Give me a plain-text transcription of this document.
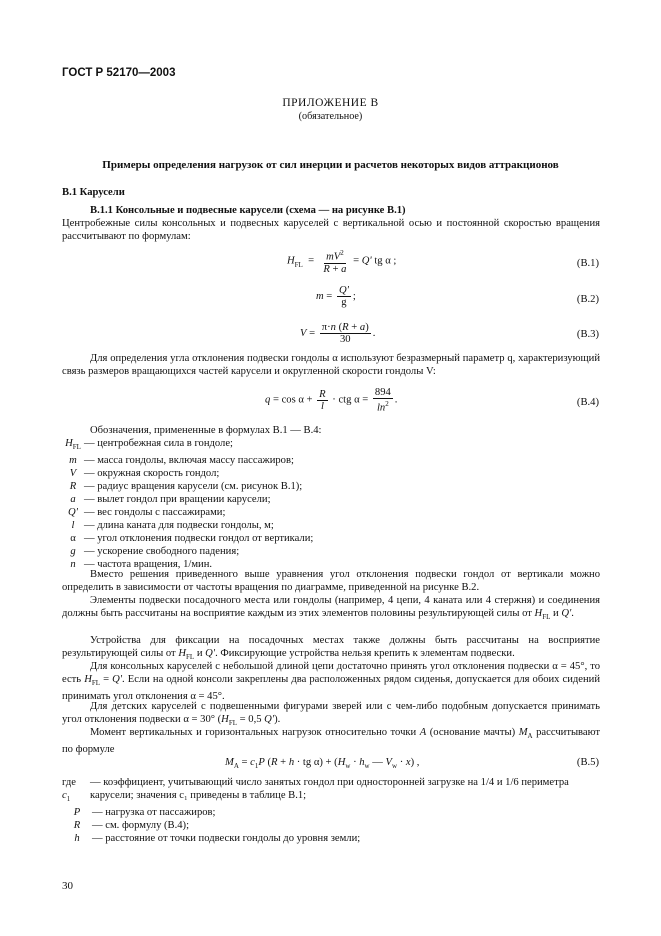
ГОСТ Р 52170—2003
ПРИЛОЖЕНИЕ В
(обязательное)
Примеры определения нагрузок от сил инерции и расчетов некоторых видов аттракционов
В.1 Карусели
В.1.1 Консольные и подвесные карусели (схема — на рисунке В.1)
Центробежные силы консольных и подвесных каруселей с вертикальной осью и постоянной скоростью вращения рассчитывают по формулам:
$H_{FL} = \frac{mV^2}{R + a} = Q'$ tg α ;	(В.1)
$m = \frac{Q'}{g}$ ;	(В.2)
$V = \frac{\pi\cdot n (R + a)}{30}$ .	(В.3)
Для определения угла отклонения подвески гондолы α используют безразмерный параметр q, характеризующий связь размеров вращающихся частей карусели и округленной скорости гондолы V:
$q = \cos \alpha + \frac{R}{l}$ · ctg $\alpha = \frac{894}{\ln^2}$ .	(В.4)
Обозначения, примененные в формулах В.1 — В.4:
$H_{FL}$ — центробежная сила в гондоле;
m — масса гондолы, включая массу пассажиров;
V — окружная скорость гондол;
R — радиус вращения карусели (см. рисунок В.1);
a — вылет гондол при вращении карусели;
Q' — вес гондолы с пассажирами;
l — длина каната для подвески гондолы, м;
α — угол отклонения подвески гондол от вертикали;
g — ускорение свободного падения;
n — частота вращения, 1/мин.
Вместо решения приведенного выше уравнения угол отклонения подвески гондол от вертикали можно определить в зависимости от частоты вращения по диаграмме, приведенной на рисунке В.2.
Элементы подвески посадочного места или гондолы (например, 4 цепи, 4 каната или 4 стержня) и соединения должны быть рассчитаны на восприятие каждым из этих элементов половины результирующей силы от $H_{FL}$ и Q'.
Устройства для фиксации на посадочных местах также должны быть рассчитаны на восприятие результирующей силы от $H_{FL}$ и Q'. Фиксирующие устройства нельзя крепить к элементам подвески.
Для консольных каруселей с небольшой длиной цепи достаточно принять угол отклонения подвески α = 45°, то есть $H_{FL} = Q'$. Если на одной консоли закреплены два расположенных рядом сиденья, допускается для обоих сидений принимать угол отклонения α = 45°.
Для детских каруселей с подвешенными фигурами зверей или с чем-либо подобным допускается принимать угол отклонения подвески α = 30° ($H_{FL} = 0,5$ Q').
Момент вертикальных и горизонтальных нагрузок относительно точки A (основание мачты) $M_A$ рассчитывают по формуле
$M_A = c_1P$ (R + h · tg $\alpha) + (H_w \cdot h_w$ — $V_w \cdot x$) ,	(В.5)
где $c_1$
— коэффициент, учитывающий число занятых гондол при односторонней загрузке на 1/4 и 1/6 периметра карусели; значения c₁ приведены в таблице В.1;
P	— нагрузка от пассажиров;
R	— см. формулу (В.4);
h	— расстояние от точки подвески гондолы до уровня земли;
30
